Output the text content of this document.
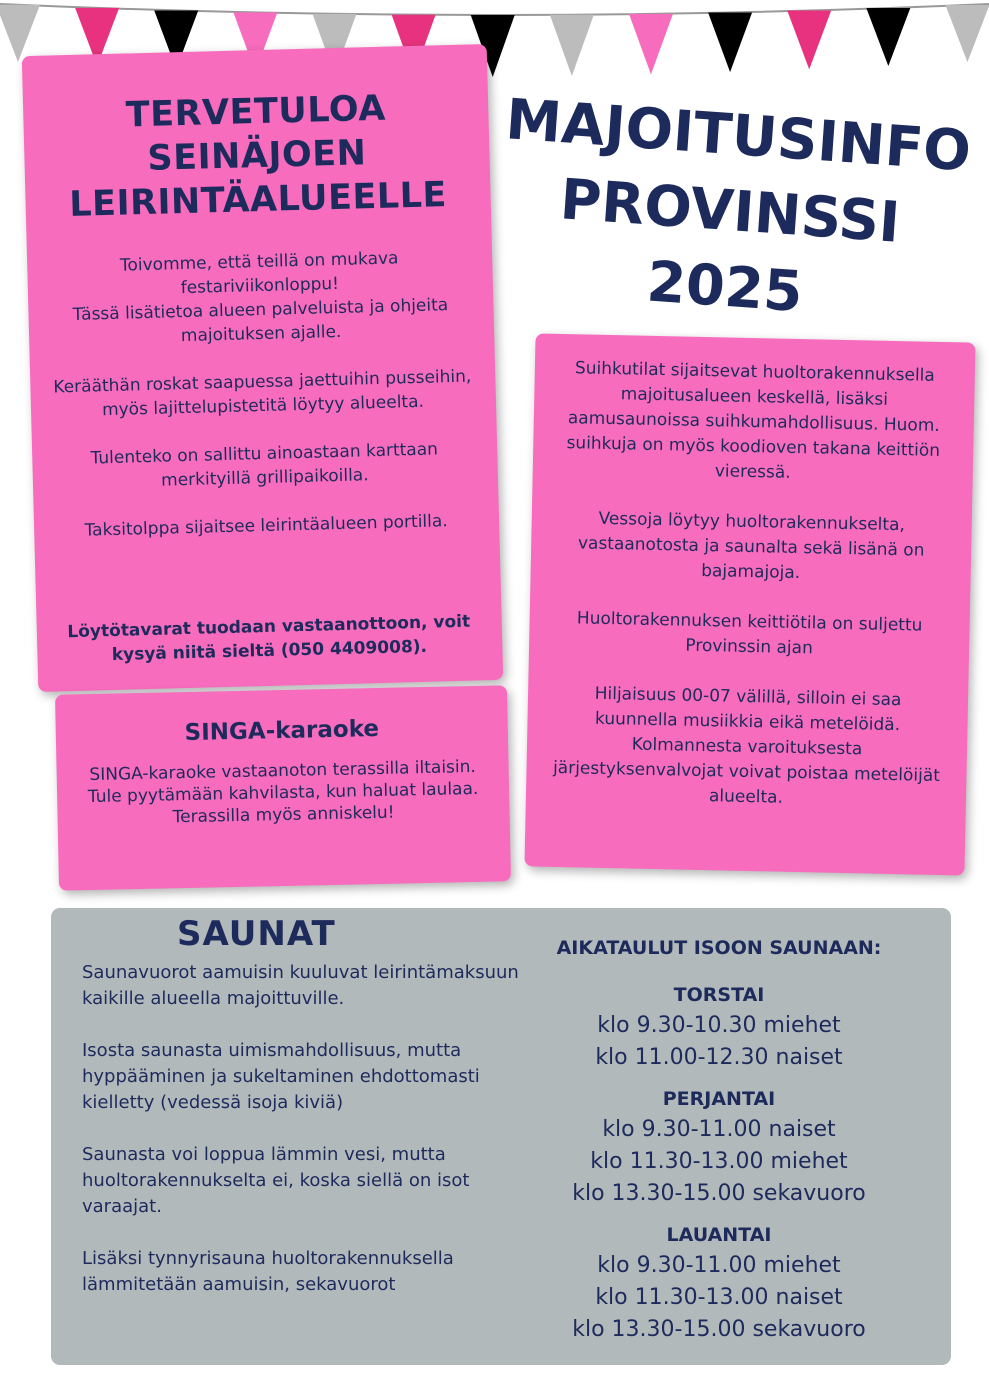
TERVETULOA
SEINÄJOEN
LEIRINTÄALUEELLE
Toivomme, että teillä on mukava festariviikonloppu!
Tässä lisätietoa alueen palveluista ja ohjeita majoituksen ajalle.

Kerääthän roskat saapuessa jaettuihin pusseihin, myös lajittelupistetitä löytyy alueelta.

Tulenteko on sallittu ainoastaan karttaan merkityillä grillipaikoilla.

Taksitolppa sijaitsee leirintäalueen portilla.
Löytötavarat tuodaan vastaanottoon, voit kysyä niitä sieltä (050 4409008).
SINGA-karaoke
SINGA-karaoke vastaanoton terassilla iltaisin.
Tule pyytämään kahvilasta, kun haluat laulaa.
Terassilla myös anniskelu!
MAJOITUSINFO
PROVINSSI
2025
Suihkutilat sijaitsevat huoltorakennuksella majoitusalueen keskellä, lisäksi aamusaunoissa suihkumahdollisuus. Huom. suihkuja on myös koodioven takana keittiön vieressä.

Vessoja löytyy huoltorakennukselta, vastaanotosta ja saunalta sekä lisänä on bajamajoja.

Huoltorakennuksen keittiötila on suljettu Provinssin ajan

Hiljaisuus 00-07 välillä, silloin ei saa kuunnella musiikkia eikä metelöidä. Kolmannesta varoituksesta järjestyksenvalvojat voivat poistaa metelöijät alueelta.
SAUNAT
Saunavuorot aamuisin kuuluvat leirintämaksuun kaikille alueella majoittuville.

Isosta saunasta uimismahdollisuus, mutta hyppääminen ja sukeltaminen ehdottomasti kielletty (vedessä isoja kiviä)

Saunasta voi loppua lämmin vesi, mutta huoltorakennukselta ei, koska siellä on isot varaajat.

Lisäksi tynnyrisauna huoltorakennuksella lämmitetään aamuisin, sekavuorot
AIKATAULUT ISOON SAUNAAN:
TORSTAI
klo 9.30-10.30 miehet
klo 11.00-12.30 naiset
PERJANTAI
klo 9.30-11.00 naiset
klo 11.30-13.00 miehet
klo 13.30-15.00 sekavuoro
LAUANTAI
klo 9.30-11.00 miehet
klo 11.30-13.00 naiset
klo 13.30-15.00 sekavuoro
